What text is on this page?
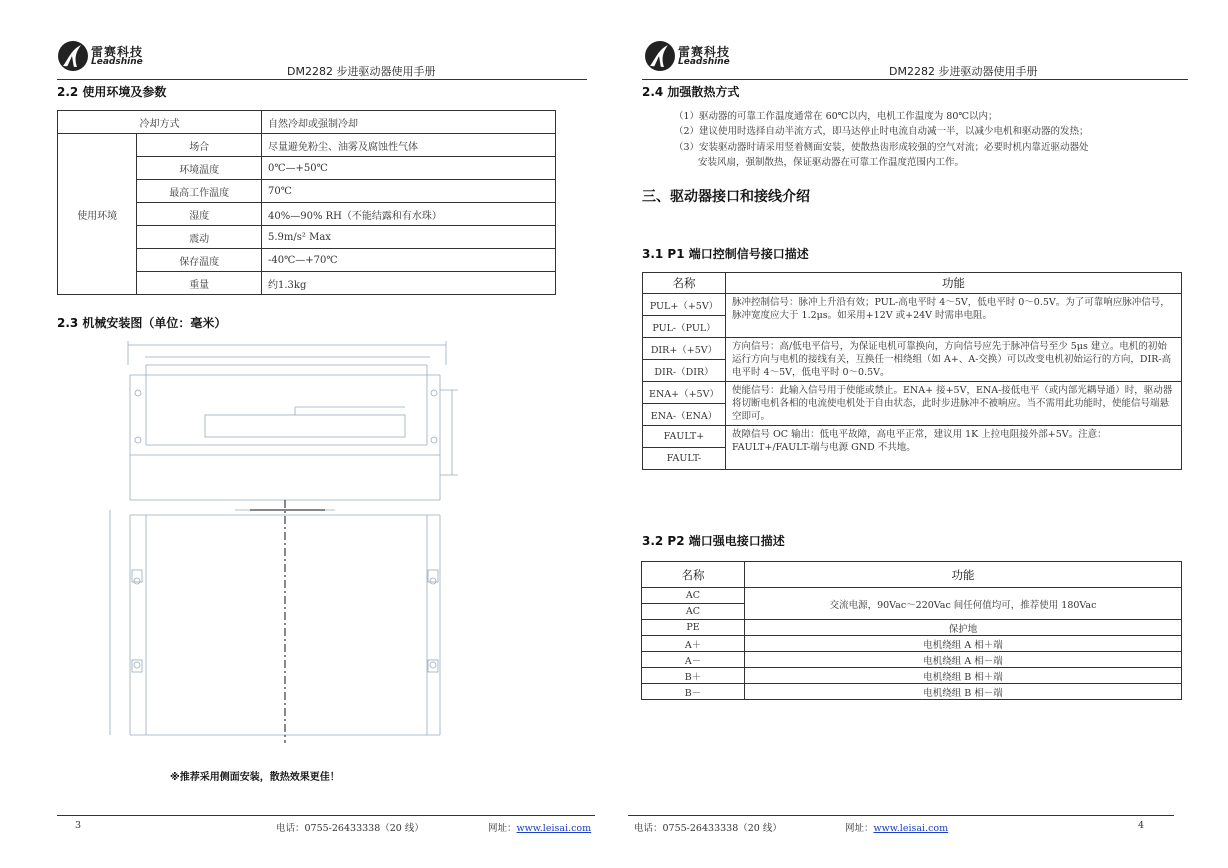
雷赛科技
Leadshine
DM2282 步进驱动器使用手册
2.2 使用环境及参数
冷却方式		自然冷却或强制冷却
使用环境	场合	尽量避免粉尘、油雾及腐蚀性气体
	环境温度	0℃—+50℃
	最高工作温度	70℃
	湿度	40%—90% RH（不能结露和有水珠）
	震动	5.9m/s² Max
	保存温度	-40℃—+70℃
	重量	约1.3kg
2.3 机械安装图（单位：毫米）
※推荐采用侧面安装，散热效果更佳！
3	电话：0755-26433338（20 线）	网址：www.leisai.com
雷赛科技
Leadshine
DM2282 步进驱动器使用手册
2.4 加强散热方式
（1）驱动器的可靠工作温度通常在 60℃以内，电机工作温度为 80℃以内；
（2）建议使用时选择自动半流方式，即马达停止时电流自动减一半，以减少电机和驱动器的发热；
（3）安装驱动器时请采用竖着侧面安装，使散热齿形成较强的空气对流；必要时机内靠近驱动器处
安装风扇，强制散热，保证驱动器在可靠工作温度范围内工作。
三、驱动器接口和接线介绍
3.1 P1 端口控制信号接口描述
名称	功能
PUL+（+5V）	脉冲控制信号：脉冲上升沿有效；PUL-高电平时 4～5V，低电平时 0～0.5V。为了可靠响应脉冲信号，脉冲宽度应大于 1.2μs。如采用+12V 或+24V 时需串电阻。
PUL-（PUL）	
DIR+（+5V）	方向信号：高/低电平信号，为保证电机可靠换向，方向信号应先于脉冲信号至少 5μs 建立。电机的初始运行方向与电机的接线有关，互换任一相绕组（如 A+、A-交换）可以改变电机初始运行的方向，DIR-高电平时 4～5V，低电平时 0～0.5V。
DIR-（DIR）	
ENA+（+5V）	使能信号：此输入信号用于使能或禁止。ENA+ 接+5V，ENA-接低电平（或内部光耦导通）时，驱动器将切断电机各相的电流使电机处于自由状态，此时步进脉冲不被响应。当不需用此功能时，使能信号端悬空即可。
ENA-（ENA）	
FAULT+	故障信号 OC 输出：低电平故障，高电平正常，建议用 1K 上拉电阻接外部+5V。注意：FAULT+/FAULT-端与电源 GND 不共地。
FAULT-	
3.2 P2 端口强电接口描述
名称	功能
AC	交流电源，90Vac～220Vac 间任何值均可，推荐使用 180Vac
AC	
PE	保护地
A＋	电机绕组 A 相＋端
A－	电机绕组 A 相－端
B＋	电机绕组 B 相＋端
B－	电机绕组 B 相－端
电话：0755-26433338（20 线）	网址：www.leisai.com	4
